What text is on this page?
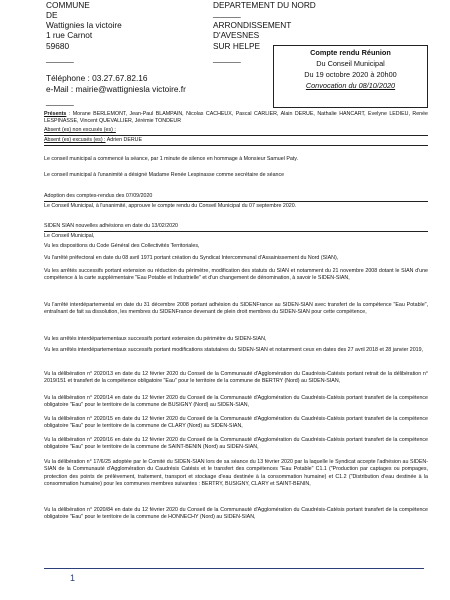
COMMUNE
DE
Wattignies la victoire
1 rue Carnot
59680
______
Téléphone : 03.27.67.82.16
e-Mail : mairie@wattigniesla victoire.fr
______
DEPARTEMENT DU NORD
______
ARRONDISSEMENT
D'AVESNES
SUR HELPE
______
Compte rendu Réunion
Du Conseil Municipal
Du 19 octobre 2020 à 20h00
Convocation du 08/10/2020
Présents : Morane BERLEMONT, Jean-Paul BLAMPAIN, Nicolas CACHEUX, Pascal CARLIER, Alain DERUE, Nathalie HANCART, Evelyne LEDIEU, Renée LESPINASSE, Vincent QUEVALLIER, Jérémie TONDEUR
Absent (es) non excusés (es) :
Absent (es) excusés (es) : Adrien DERUE
Le conseil municipal a commencé la séance, par 1 minute de silence en hommage à Monsieur Samuel Paty.
Le conseil municipal à l'unanimité a désigné Madame Renée Lespinasse comme secrétaire de séance
Adoption des comptes-rendus des 07/09/2020
Le Conseil Municipal, à l'unanimité, approuve le compte rendu du Conseil Municipal du 07 septembre 2020.
SIDEN SIAN nouvelles adhésions en date du 13/02/2020
Le Conseil Municipal,
Vu les dispositions du Code Général des Collectivités Territoriales,
Vu l'arrêté préfectoral en date du 08 avril 1971 portant création du Syndicat Intercommunal d'Assainissement du Nord (SIAN),
Vu les arrêtés successifs portant extension ou réduction du périmètre, modification des statuts du SIAN et notamment du 21 novembre 2008 dotant le SIAN d'une compétence à la carte supplémentaire "Eau Potable et Industrielle" et d'un changement de dénomination, à savoir le SIDEN-SIAN,
Vu l'arrêté interdépartemental en date du 31 décembre 2008 portant adhésion du SIDENFrance au SIDEN-SIAN avec transfert de la compétence "Eau Potable", entraînant de fait sa dissolution, les membres du SIDENFrance devenant de plein droit membres du SIDEN-SIAN pour cette compétence,
Vu les arrêtés interdépartementaux successifs portant extension du périmètre du SIDEN-SIAN,
Vu les arrêtés interdépartementaux successifs portant modifications statutaires du SIDEN-SIAN et notamment ceux en dates des 27 avril 2018 et 28 janvier 2019,
Vu la délibération n° 2020/13 en date du 12 février 2020 du Conseil de la Communauté d'Agglomération du Caudrésis-Catésis portant retrait de la délibération n° 2019/151 et transfert de la compétence obligatoire "Eau" pour le territoire de la commune de BERTRY (Nord) au SIDEN-SIAN,
Vu la délibération n° 2020/14 en date du 12 février 2020 du Conseil de la Communauté d'Agglomération du Caudrésis-Catésis portant transfert de la compétence obligatoire "Eau" pour le territoire de la commune de BUSIGNY (Nord) au SIDEN-SIAN,
Vu la délibération n° 2020/15 en date du 12 février 2020 du Conseil de la Communauté d'Agglomération du Caudrésis-Catésis portant transfert de la compétence obligatoire "Eau" pour le territoire de la commune de CLARY (Nord) au SIDEN-SIAN,
Vu la délibération n° 2020/16 en date du 12 février 2020 du Conseil de la Communauté d'Agglomération du Caudrésis-Catésis portant transfert de la compétence obligatoire "Eau" pour le territoire de la commune de SAINT-BENIN (Nord) au SIDEN-SIAN,
Vu la délibération n° 17/6/25 adoptée par le Comité du SIDEN-SIAN lors de sa séance du 13 février 2020 par la laquelle le Syndicat accepte l'adhésion au SIDEN-SIAN de la Communauté d'Agglomération du Caudrésis Catésis et le transfert des compétences "Eau Potable" C1.1 ("Production par captages ou pompages, protection des points de prélèvement, traitement, transport et stockage d'eau destinée à la consommation humaine) et C1.2 ("Distribution d'eau destinée à la consommation humaine) pour les communes membres suivantes : BERTRY, BUSIGNY, CLARY et SAINT-BENIN,
Vu la délibération n° 2020/84 en date du 12 février 2020 du Conseil de la Communauté d'Agglomération du Caudrésis-Catésis portant transfert de la compétence obligatoire "Eau" pour le territoire de la commune de HONNECHY (Nord) au SIDEN-SIAN,
1
